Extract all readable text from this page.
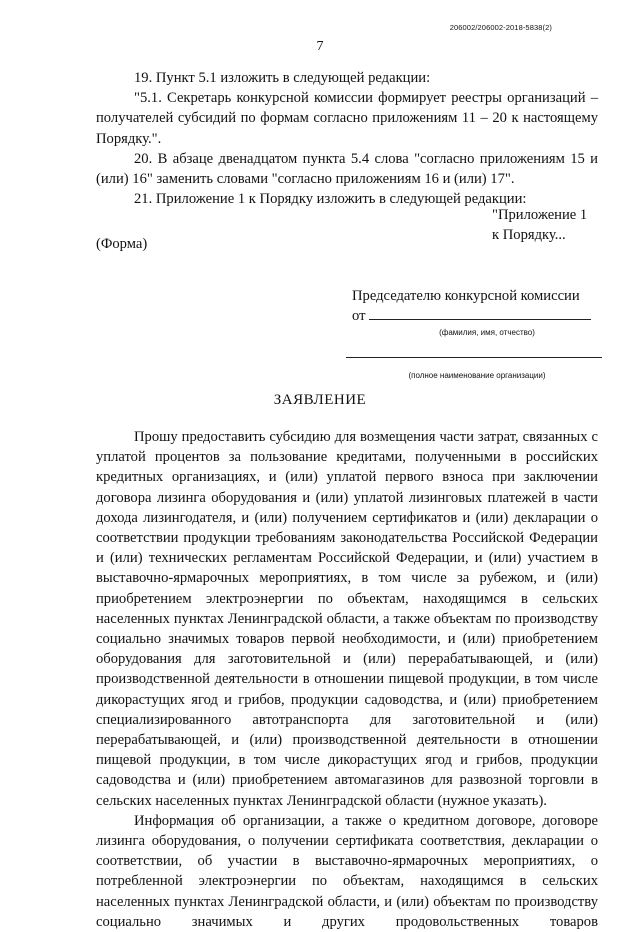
206002/206002-2018-5838(2)
7

19. Пункт 5.1 изложить в следующей редакции:

"5.1. Секретарь конкурсной комиссии формирует реестры организаций – получателей субсидий по формам согласно приложениям 11 – 20 к настоящему Порядку.".

20. В абзаце двенадцатом пункта 5.4 слова "согласно приложениям 15 и (или) 16" заменить словами "согласно приложениям 16 и (или) 17".

21. Приложение 1 к Порядку изложить в следующей редакции:

"Приложение 1
к Порядку...
(Форма)
Председателю конкурсной комиссии
от
(фамилия, имя, отчество)
(полное наименование организации)
ЗАЯВЛЕНИЕ

Прошу предоставить субсидию для возмещения части затрат, связанных с уплатой процентов за пользование кредитами, полученными в российских кредитных организациях, и (или) уплатой первого взноса при заключении договора лизинга оборудования и (или) уплатой лизинговых платежей в части дохода лизингодателя, и (или) получением сертификатов и (или) декларации о соответствии продукции требованиям законодательства Российской Федерации и (или) технических регламентам Российской Федерации, и (или) участием в выставочно-ярмарочных мероприятиях, в том числе за рубежом, и (или) приобретением электроэнергии по объектам, находящимся в сельских населенных пунктах Ленинградской области, а также объектам по производству социально значимых товаров первой необходимости, и (или) приобретением оборудования для заготовительной и (или) перерабатывающей, и (или) производственной деятельности в отношении пищевой продукции, в том числе дикорастущих ягод и грибов, продукции садоводства, и (или) приобретением специализированного автотранспорта для заготовительной и (или) перерабатывающей, и (или) производственной деятельности в отношении пищевой продукции, в том числе дикорастущих ягод и грибов, продукции садоводства и (или) приобретением автомагазинов для развозной торговли в сельских населенных пунктах Ленинградской области (нужное указать).

Информация об организации, а также о кредитном договоре, договоре лизинга оборудования, о получении сертификата соответствия, декларации о соответствии, об участии в выставочно-ярмарочных мероприятиях, о потребленной электроэнергии по объектам, находящимся в сельских населенных пунктах Ленинградской области, и (или) объектам по производству социально значимых и других продовольственных товаров
